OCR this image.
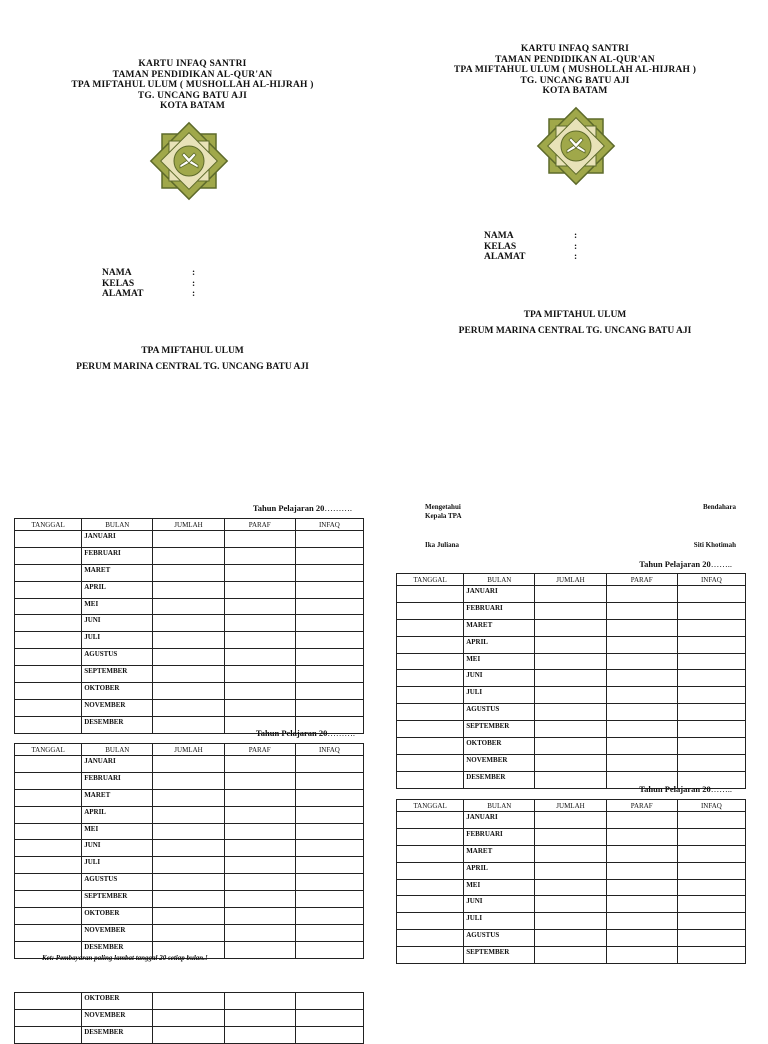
KARTU INFAQ SANTRI
TAMAN PENDIDIKAN AL-QUR'AN
TPA MIFTAHUL ULUM ( MUSHOLLAH AL-HIJRAH )
TG. UNCANG BATU AJI
KOTA BATAM
NAMA	:
KELAS	:
ALAMAT	:
TPA MIFTAHUL ULUM
PERUM MARINA CENTRAL TG. UNCANG BATU AJI
Tahun Pelajaran 20……….
TANGGAL	BULAN	JUMLAH	PARAF	INFAQ
	JANUARI			
	FEBRUARI			
	MARET			
	APRIL			
	MEI			
	JUNI			
	JULI			
	AGUSTUS			
	SEPTEMBER			
	OKTOBER			
	NOVEMBER			
	DESEMBER			
Tahun Pelajaran 20……….
TANGGAL	BULAN	JUMLAH	PARAF	INFAQ
	JANUARI			
	FEBRUARI			
	MARET			
	APRIL			
	MEI			
	JUNI			
	JULI			
	AGUSTUS			
	SEPTEMBER			
	OKTOBER			
	NOVEMBER			
	DESEMBER			
Ket: Pembayaran paling lambat tanggal 20 setiap bulan.!
	OKTOBER			
	NOVEMBER			
	DESEMBER			
KARTU INFAQ SANTRI
TAMAN PENDIDIKAN AL-QUR'AN
TPA MIFTAHUL ULUM ( MUSHOLLAH AL-HIJRAH )
TG. UNCANG BATU AJI
KOTA BATAM
NAMA	:
KELAS	:
ALAMAT	:
TPA MIFTAHUL ULUM
PERUM MARINA CENTRAL TG. UNCANG BATU AJI
Mengetahui
Kepala TPA
Ika Juliana
Bendahara
Siti Khotimah
Tahun Pelajaran 20……..
TANGGAL	BULAN	JUMLAH	PARAF	INFAQ
	JANUARI			
	FEBRUARI			
	MARET			
	APRIL			
	MEI			
	JUNI			
	JULI			
	AGUSTUS			
	SEPTEMBER			
	OKTOBER			
	NOVEMBER			
	DESEMBER			
Tahun Pelajaran 20……..
TANGGAL	BULAN	JUMLAH	PARAF	INFAQ
	JANUARI			
	FEBRUARI			
	MARET			
	APRIL			
	MEI			
	JUNI			
	JULI			
	AGUSTUS			
	SEPTEMBER			
